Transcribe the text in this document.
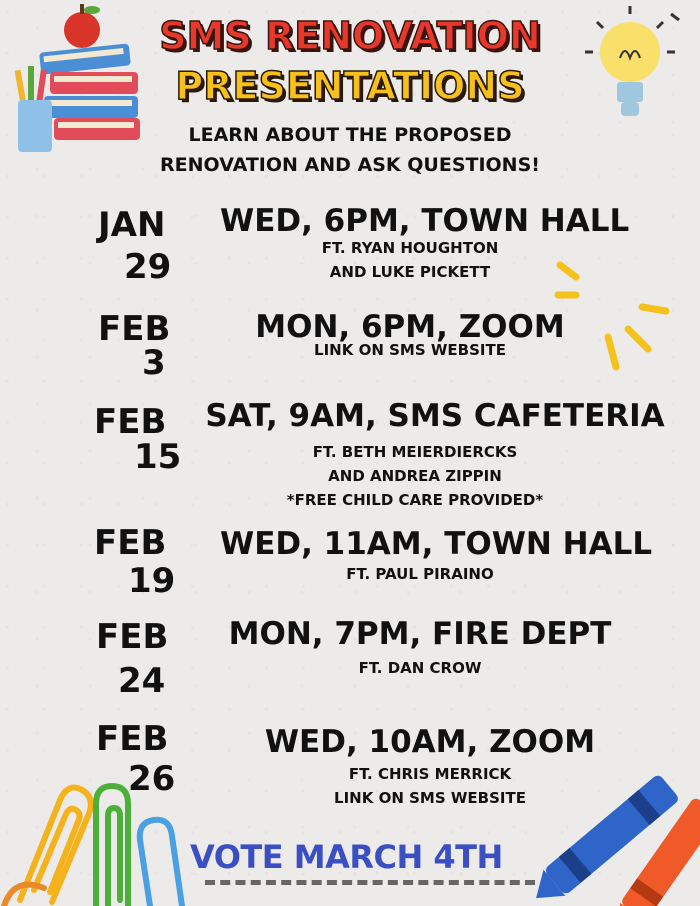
SMS RENOVATION
PRESENTATIONS
LEARN ABOUT THE PROPOSED
RENOVATION AND ASK QUESTIONS!
JAN
29
WED, 6PM, TOWN HALL
FT. RYAN HOUGHTON
AND LUKE PICKETT
FEB
3
MON, 6PM, ZOOM
LINK ON SMS WEBSITE
FEB
15
SAT, 9AM, SMS CAFETERIA
FT. BETH MEIERDIERCKS
AND ANDREA ZIPPIN
*FREE CHILD CARE PROVIDED*
FEB
19
WED, 11AM, TOWN HALL
FT. PAUL PIRAINO
FEB
24
MON, 7PM, FIRE DEPT
FT. DAN CROW
FEB
26
WED, 10AM, ZOOM
FT. CHRIS MERRICK
LINK ON SMS WEBSITE
VOTE MARCH 4TH
